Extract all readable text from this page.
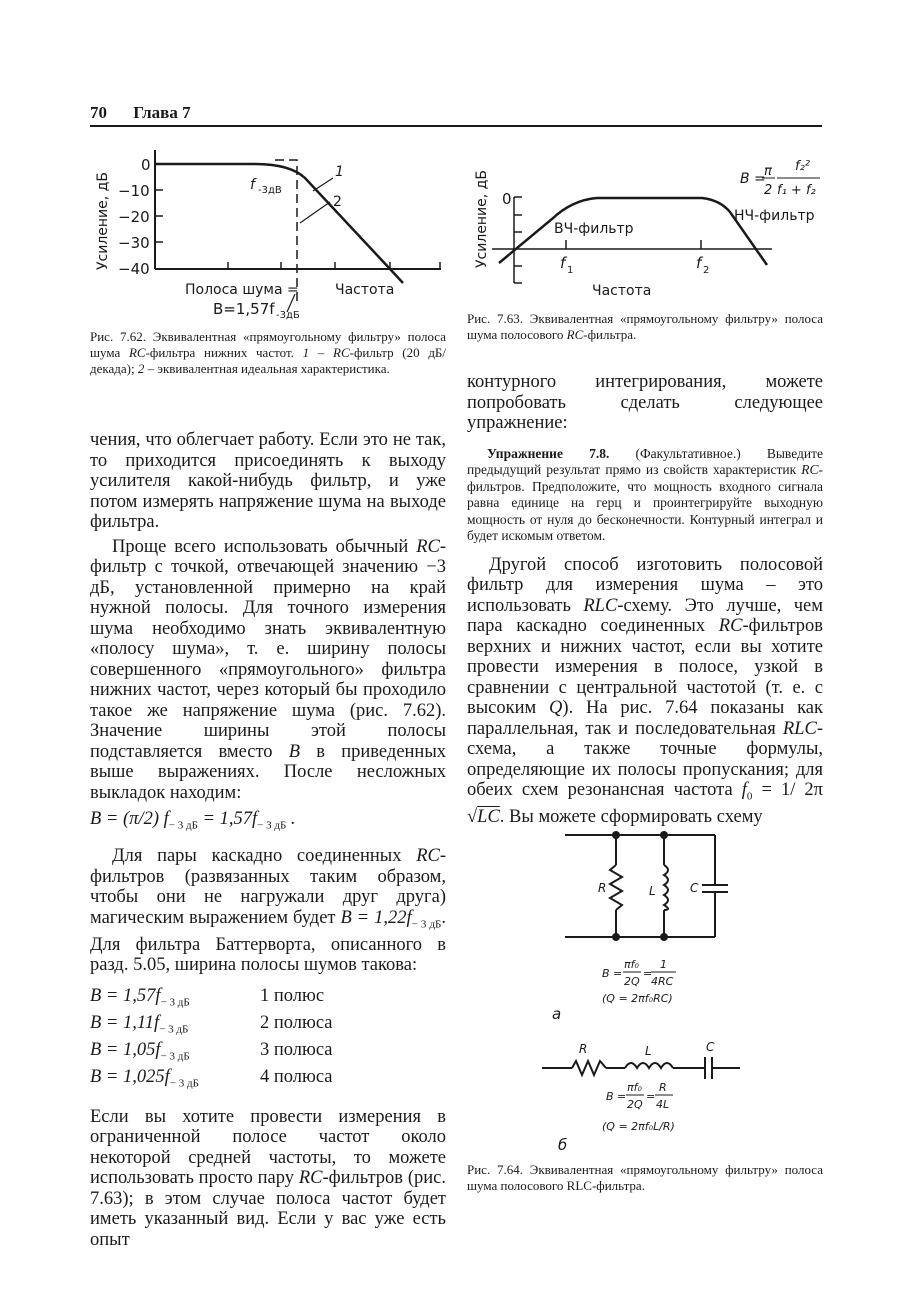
70 Глава 7
Усиление, дБ
0
−10
−20
−30
−40
f -3дВ
1
2
Полоса шума =
B=1,57f -3дБ
Частота
Рис. 7.62. Эквивалентная «прямоугольному фильтру» полоса шума RC-фильтра нижних частот. 1 – RC-фильтр (20 дБ/декада); 2 – эквивалентная идеальная характеристика.
Усиление, дБ 0
ВЧ-фильтр
НЧ-фильтр
f 1	f 2
Частота
B =
π
2
f₂²
f₁ + f₂
Рис. 7.63. Эквивалентная «прямоугольному фильтру» полоса шума полосового RC-фильтра.

чения, что облегчает работу. Если это не так, то приходится присоединять к выходу усилителя какой-нибудь фильтр, и уже потом измерять напряжение шума на выходе фильтра.

Проще всего использовать обычный RC-фильтр с точкой, отвечающей значению −3 дБ, установленной примерно на край нужной полосы. Для точного измерения шума необходимо знать эквивалентную «полосу шума», т. е. ширину полосы совершенного «прямоугольного» фильтра нижних частот, через который бы проходило такое же напряжение шума (рис. 7.62). Значение ширины этой полосы подставляется вместо B в приведенных выше выражениях. После несложных выкладок находим:

B = (π/2) $f_{- 3 дБ} = 1,57f_{- 3 дБ}$ .

Для пары каскадно соединенных RC-фильтров (развязанных таким образом, чтобы они не нагружали друг друга) магическим выражением будет $B = 1,22f_{- 3 дБ}$. Для фильтра Баттерворта, описанного в разд. 5.05, ширина полосы шумов такова:

$B = 1,57f_{- 3 дБ}$	1 полюс
$B = 1,11f_{- 3 дБ}$	2 полюса
$B = 1,05f_{- 3 дБ}$	3 полюса
$B = 1,025f_{- 3 дБ}$	4 полюса

Если вы хотите провести измерения в ограниченной полосе частот около некоторой средней частоты, то можете использовать просто пару RC-фильтров (рис. 7.63); в этом случае полоса частот будет иметь указанный вид. Если у вас уже есть опыт

контурного интегрирования, можете попробовать сделать следующее упражнение:

Упражнение 7.8. (Факультативное.) Выведите предыдущий результат прямо из свойств характеристик RC-фильтров. Предположите, что мощность входного сигнала равна единице на герц и проинтегрируйте выходную мощность от нуля до бесконечности. Контурный интеграл и будет искомым ответом.

Другой способ изготовить полосовой фильтр для измерения шума – это использовать RLC-схему. Это лучше, чем пара каскадно соединенных RC-фильтров верхних и нижних частот, если вы хотите провести измерения в полосе, узкой в сравнении с центральной частотой (т. е. с высоким Q). На рис. 7.64 показаны как параллельная, так и последовательная RLC-схема, а также точные формулы, определяющие их полосы пропускания; для обеих схем резонансная частота $f_0 = 1/$ 2π √LC. Вы можете сформировать схему

R	L	C
B =
πf₀
2Q
=
1
4RC
(Q = 2πf₀RC)
а
R	L	C
B =
πf₀
2Q
=
R
4L
(Q = 2πf₀L/R)
б
Рис. 7.64. Эквивалентная «прямоугольному фильтру» полоса шума полосового RLC-фильтра.
